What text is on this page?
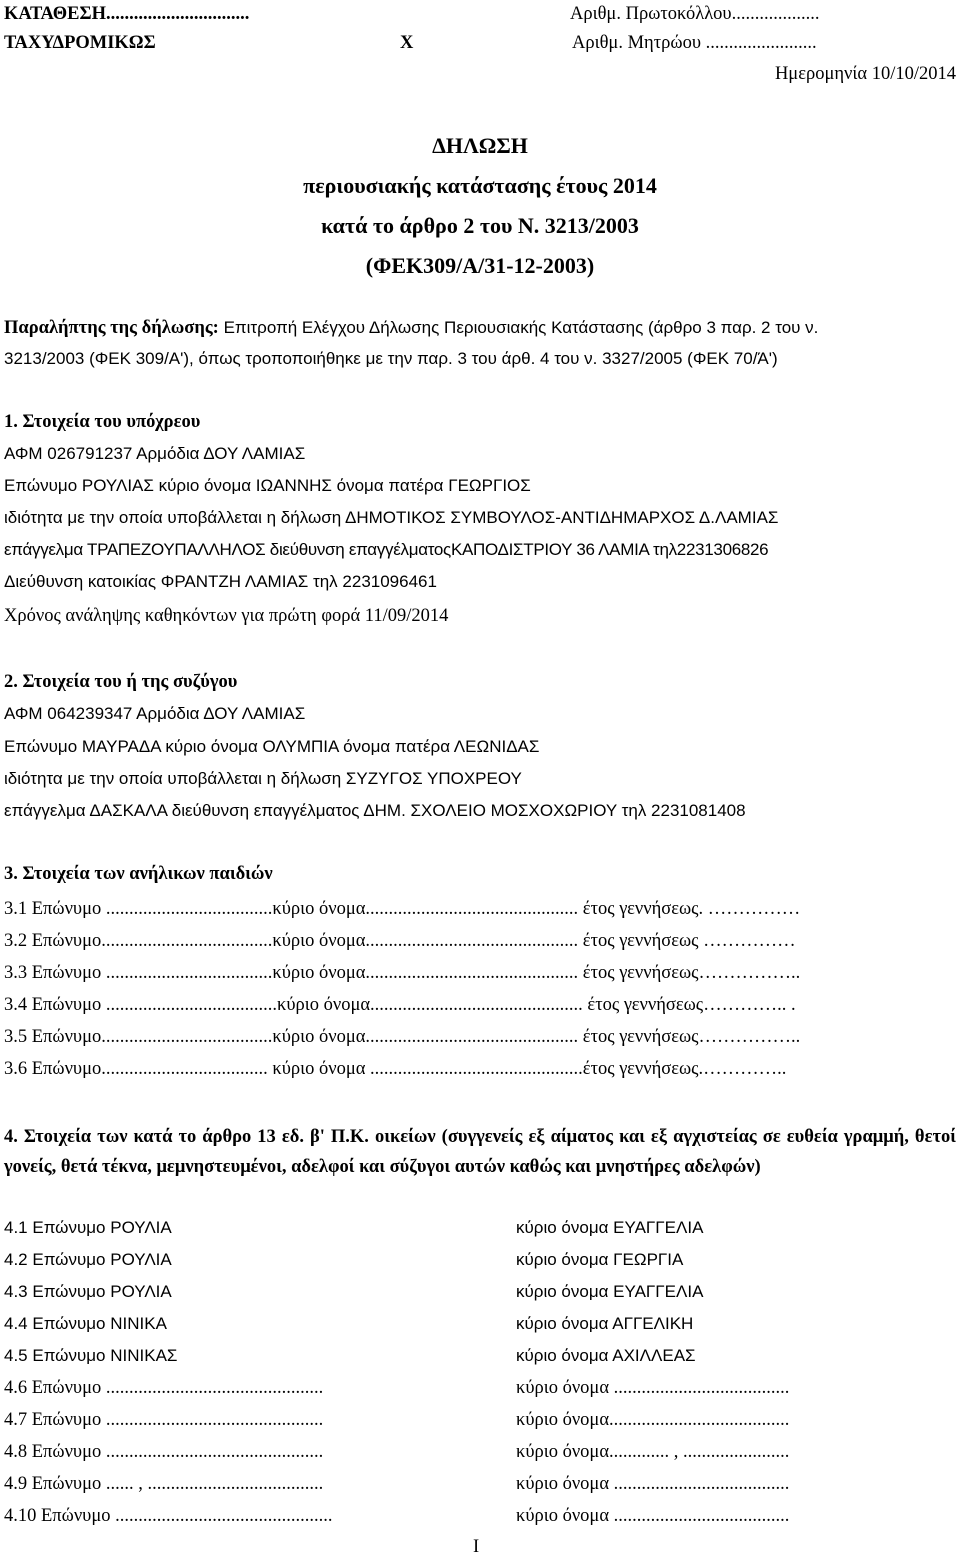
ΚΑΤΑΘΕΣΗ...............................	Αριθμ. Πρωτοκόλλου...................
ΤΑΧΥΔΡΟΜΙΚΩΣ	Χ	Αριθμ. Μητρώου ........................
Ημερομηνία 10/10/2014
ΔΗΛΩΣΗ
περιουσιακής κατάστασης έτους 2014
κατά το άρθρο 2 του Ν. 3213/2003
(ΦΕΚ309/Α/31-12-2003)
Παραλήπτης της δήλωσης: Επιτροπή Ελέγχου Δήλωσης Περιουσιακής Κατάστασης (άρθρο 3 παρ. 2 του ν.
3213/2003 (ΦΕΚ 309/Α'), όπως τροποποιήθηκε με την παρ. 3 του άρθ. 4 του ν. 3327/2005 (ΦΕΚ 70/Ά')
1. Στοιχεία του υπόχρεου
ΑΦΜ 026791237 Αρμόδια ΔΟΥ ΛΑΜΙΑΣ
Επώνυμο ΡΟΥΛΙΑΣ κύριο όνομα ΙΩΑΝΝΗΣ όνομα πατέρα ΓΕΩΡΓΙΟΣ
ιδιότητα με την οποία υποβάλλεται η δήλωση ΔΗΜΟΤΙΚΟΣ ΣΥΜΒΟΥΛΟΣ-ΑΝΤΙΔΗΜΑΡΧΟΣ Δ.ΛΑΜΙΑΣ
επάγγελμα ΤΡΑΠΕΖΟΥΠΑΛΛΗΛΟΣ διεύθυνση επαγγέλματοςΚΑΠΟΔΙΣΤΡΙΟΥ 36 ΛΑΜΙΑ τηλ2231306826
Διεύθυνση κατοικίας ΦΡΑΝΤΖΗ ΛΑΜΙΑΣ τηλ 2231096461
Χρόνος ανάληψης καθηκόντων για πρώτη φορά 11/09/2014
2. Στοιχεία του ή της συζύγου
ΑΦΜ 064239347 Αρμόδια ΔΟΥ ΛΑΜΙΑΣ
Επώνυμο ΜΑΥΡΑΔΑ κύριο όνομα ΟΛΥΜΠΙΑ όνομα πατέρα ΛΕΩΝΙΔΑΣ
ιδιότητα με την οποία υποβάλλεται η δήλωση ΣΥΖΥΓΟΣ ΥΠΟΧΡΕΟΥ
επάγγελμα ΔΑΣΚΑΛΑ διεύθυνση επαγγέλματος ΔΗΜ. ΣΧΟΛΕΙΟ ΜΟΣΧΟΧΩΡΙΟΥ τηλ 2231081408
3. Στοιχεία των ανήλικων παιδιών
3.1 Επώνυμο ....................................κύριο όνομα.............................................. έτος γεννήσεως. ……………
3.2 Επώνυμο.....................................κύριο όνομα.............................................. έτος γεννήσεως ……………
3.3 Επώνυμο ....................................κύριο όνομα.............................................. έτος γεννήσεως……………..
3.4 Επώνυμο .....................................κύριο όνομα.............................................. έτος γεννήσεως………….. .
3.5 Επώνυμο.....................................κύριο όνομα.............................................. έτος γεννήσεως……………..
3.6 Επώνυμο.................................... κύριο όνομα ..............................................έτος γεννήσεως.…………..
4. Στοιχεία των κατά το άρθρο 13 εδ. β' Π.Κ. οικείων (συγγενείς εξ αίματος και εξ αγχιστείας σε ευθεία γραμμή, θετοί γονείς, θετά τέκνα, μεμνηστευμένοι, αδελφοί και σύζυγοι αυτών καθώς και μνηστήρες αδελφών)
4.1 Επώνυμο ΡΟΥΛΙΑ	κύριο όνομα ΕΥΑΓΓΕΛΙΑ
4.2 Επώνυμο ΡΟΥΛΙΑ	κύριο όνομα ΓΕΩΡΓΙΑ
4.3 Επώνυμο ΡΟΥΛΙΑ	κύριο όνομα ΕΥΑΓΓΕΛΙΑ
4.4 Επώνυμο ΝΙΝΙΚΑ	κύριο όνομα ΑΓΓΕΛΙΚΗ
4.5 Επώνυμο ΝΙΝΙΚΑΣ	κύριο όνομα ΑΧΙΛΛΕΑΣ
4.6 Επώνυμο ...............................................	κύριο όνομα ......................................
4.7 Επώνυμο ...............................................	κύριο όνομα.......................................
4.8 Επώνυμο ...............................................	κύριο όνομα............. , .......................
4.9 Επώνυμο ...... , ......................................	κύριο όνομα ......................................
4.10 Επώνυμο ...............................................	κύριο όνομα ......................................
Ι
